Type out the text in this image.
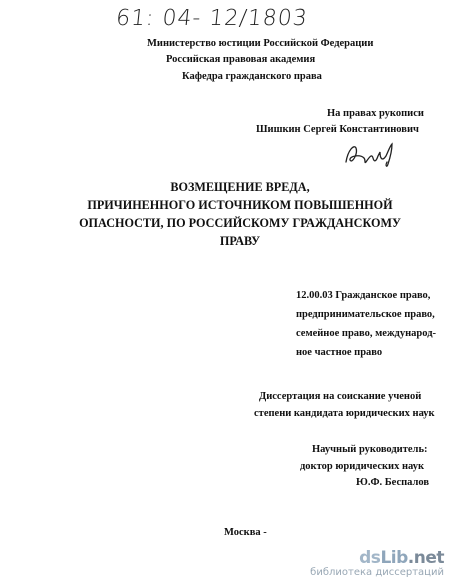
61: 04- 12/1803
Министерство юстиции Российской Федерации
Российская правовая академия
Кафедра гражданского права
На правах рукописи
Шишкин Сергей Константинович
ВОЗМЕЩЕНИЕ ВРЕДА,
ПРИЧИНЕННОГО ИСТОЧНИКОМ ПОВЫШЕННОЙ
ОПАСНОСТИ, ПО РОССИЙСКОМУ ГРАЖДАНСКОМУ
ПРАВУ
12.00.03 Гражданское право,
предпринимательское право,
семейное право, международ-
ное частное право
Диссертация на соискание ученой
степени кандидата юридических наук
Научный руководитель:
доктор юридических наук
Ю.Ф. Беспалов
Москва -
dsLib.net
библиотека диссертаций
